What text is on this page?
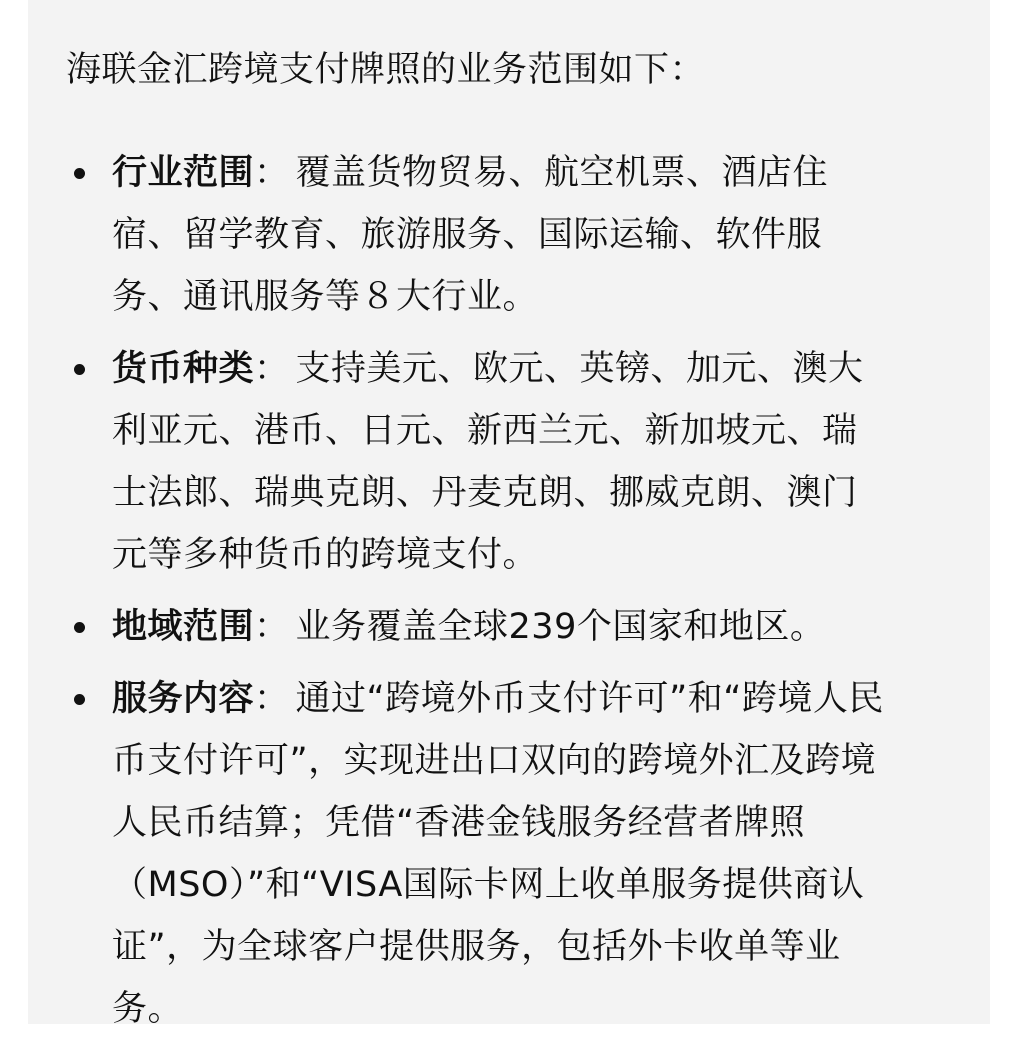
海联金汇跨境支付牌照的业务范围如下：

行业范围： 覆盖货物贸易、航空机票、酒店住宿、留学教育、旅游服务、国际运输、软件服务、通讯服务等８大行业。
货币种类： 支持美元、欧元、英镑、加元、澳大利亚元、港币、日元、新西兰元、新加坡元、瑞士法郎、瑞典克朗、丹麦克朗、挪威克朗、澳门元等多种货币的跨境支付。
地域范围： 业务覆盖全球239个国家和地区。
服务内容： 通过“跨境外币支付许可”和“跨境人民币支付许可”，实现进出口双向的跨境外汇及跨境人民币结算；凭借“香港金钱服务经营者牌照（MSO）”和“VISA国际卡网上收单服务提供商认证”，为全球客户提供服务，包括外卡收单等业务。
